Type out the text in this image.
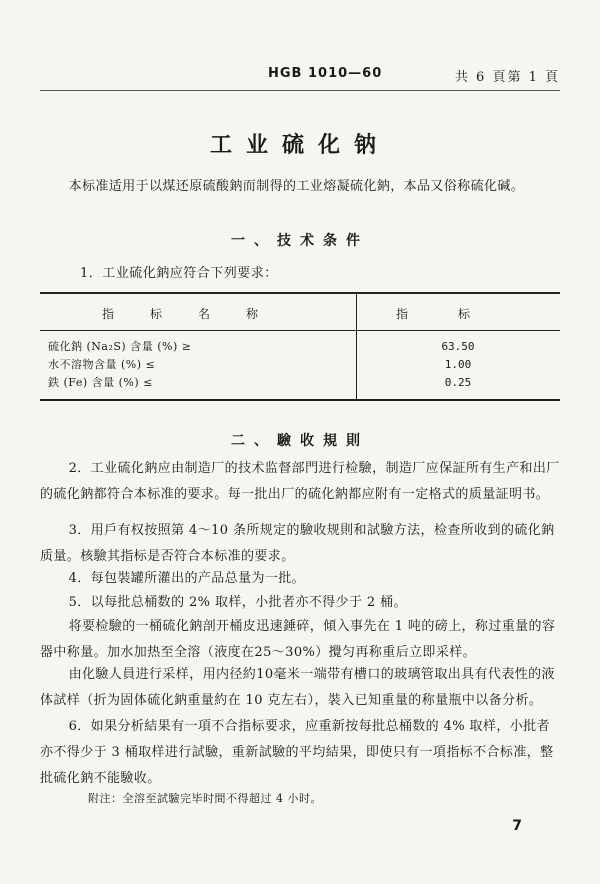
HGB 1010—60	共 6 頁第 1 頁
工业硫化钠
本标准适用于以煤还原硫酸鈉而制得的工业熔凝硫化鈉，本品又俗称硫化碱。
一、技术条件
1．工业硫化鈉应符合下列要求：
指标名称	指标
硫化鈉 (Na₂S) 含量 (%) ≥	63.50
水不溶物含量 (%) ≤	1.00
鉄 (Fe) 含量 (%) ≤	0.25
二、驗收規則
2．工业硫化鈉应由制造厂的技术监督部門进行检驗，制造厂应保証所有生产和出厂的硫化鈉都符合本标准的要求。每一批出厂的硫化鈉都应附有一定格式的质量証明书。
3．用戶有权按照第 4～10 条所规定的驗收规則和試驗方法，检查所收到的硫化鈉质量。核驗其指标是否符合本标准的要求。
4．每包裝罐所灌出的产品总量为一批。
5．以每批总桶数的 2% 取样，小批者亦不得少于 2 桶。
将要检驗的一桶硫化鈉剖开桶皮迅速錘碎，傾入事先在 1 吨的磅上，称过重量的容器中称量。加水加热至全溶（液度在25～30%）攪匀再称重后立即采样。
由化驗人員进行采样，用内径約10毫米一端带有槽口的玻璃管取出具有代表性的液体試样（折为固体硫化鈉重量約在 10 克左右），裝入已知重量的称量瓶中以备分析。
6．如果分析結果有一項不合指标要求，应重新按每批总桶数的 4% 取样，小批者亦不得少于 3 桶取样进行試驗，重新試驗的平均結果，即使只有一項指标不合标准，整批硫化鈉不能驗收。
附注：全溶至試驗完毕时間不得超过 4 小时。
7
